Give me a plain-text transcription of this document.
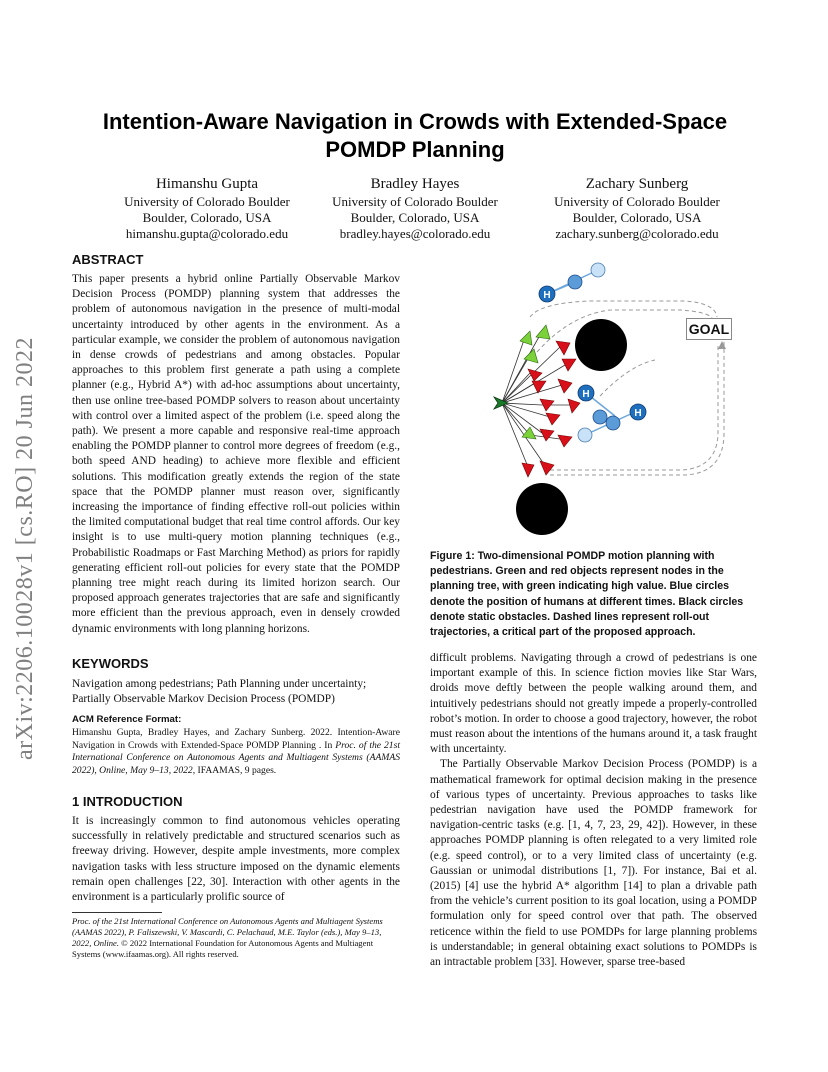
Intention-Aware Navigation in Crowds with Extended-Space POMDP Planning
Himanshu Gupta
University of Colorado Boulder
Boulder, Colorado, USA
himanshu.gupta@colorado.edu
Bradley Hayes
University of Colorado Boulder
Boulder, Colorado, USA
bradley.hayes@colorado.edu
Zachary Sunberg
University of Colorado Boulder
Boulder, Colorado, USA
zachary.sunberg@colorado.edu
arXiv:2206.10028v1 [cs.RO] 20 Jun 2022
ABSTRACT
This paper presents a hybrid online Partially Observable Markov Decision Process (POMDP) planning system that addresses the problem of autonomous navigation in the presence of multi-modal uncertainty introduced by other agents in the environment. As a particular example, we consider the problem of autonomous navigation in dense crowds of pedestrians and among obstacles. Popular approaches to this problem first generate a path using a complete planner (e.g., Hybrid A*) with ad-hoc assumptions about uncertainty, then use online tree-based POMDP solvers to reason about uncertainty with control over a limited aspect of the problem (i.e. speed along the path). We present a more capable and responsive real-time approach enabling the POMDP planner to control more degrees of freedom (e.g., both speed AND heading) to achieve more flexible and efficient solutions. This modification greatly extends the region of the state space that the POMDP planner must reason over, significantly increasing the importance of finding effective roll-out policies within the limited computational budget that real time control affords. Our key insight is to use multi-query motion planning techniques (e.g., Probabilistic Roadmaps or Fast Marching Method) as priors for rapidly generating efficient roll-out policies for every state that the POMDP planning tree might reach during its limited horizon search. Our proposed approach generates trajectories that are safe and significantly more efficient than the previous approach, even in densely crowded dynamic environments with long planning horizons.
KEYWORDS
Navigation among pedestrians; Path Planning under uncertainty; Partially Observable Markov Decision Process (POMDP)
ACM Reference Format:
Himanshu Gupta, Bradley Hayes, and Zachary Sunberg. 2022. Intention-Aware Navigation in Crowds with Extended-Space POMDP Planning . In Proc. of the 21st International Conference on Autonomous Agents and Multiagent Systems (AAMAS 2022), Online, May 9–13, 2022, IFAAMAS, 9 pages.
1 INTRODUCTION
It is increasingly common to find autonomous vehicles operating successfully in relatively predictable and structured scenarios such as freeway driving. However, despite ample investments, more complex navigation tasks with less structure imposed on the dynamic elements remain open challenges [22, 30]. Interaction with other agents in the environment is a particularly prolific source of
Proc. of the 21st International Conference on Autonomous Agents and Multiagent Systems (AAMAS 2022), P. Faliszewski, V. Mascardi, C. Pelachaud, M.E. Taylor (eds.), May 9–13, 2022, Online. © 2022 International Foundation for Autonomous Agents and Multiagent Systems (www.ifaamas.org). All rights reserved.
H
H
H
GOAL
Figure 1: Two-dimensional POMDP motion planning with pedestrians. Green and red objects represent nodes in the planning tree, with green indicating high value. Blue circles denote the position of humans at different times. Black circles denote static obstacles. Dashed lines represent roll-out trajectories, a critical part of the proposed approach.

difficult problems. Navigating through a crowd of pedestrians is one important example of this. In science fiction movies like Star Wars, droids move deftly between the people walking around them, and intuitively pedestrians should not greatly impede a properly-controlled robot’s motion. In order to choose a good trajectory, however, the robot must reason about the intentions of the humans around it, a task fraught with uncertainty.

The Partially Observable Markov Decision Process (POMDP) is a mathematical framework for optimal decision making in the presence of various types of uncertainty. Previous approaches to tasks like pedestrian navigation have used the POMDP framework for navigation-centric tasks (e.g. [1, 4, 7, 23, 29, 42]). However, in these approaches POMDP planning is often relegated to a very limited role (e.g. speed control), or to a very limited class of uncertainty (e.g. Gaussian or unimodal distributions [1, 7]). For instance, Bai et al. (2015) [4] use the hybrid A* algorithm [14] to plan a drivable path from the vehicle’s current position to its goal location, using a POMDP formulation only for speed control over that path. The observed reticence within the field to use POMDPs for large planning problems is understandable; in general obtaining exact solutions to POMDPs is an intractable problem [33]. However, sparse tree-based
